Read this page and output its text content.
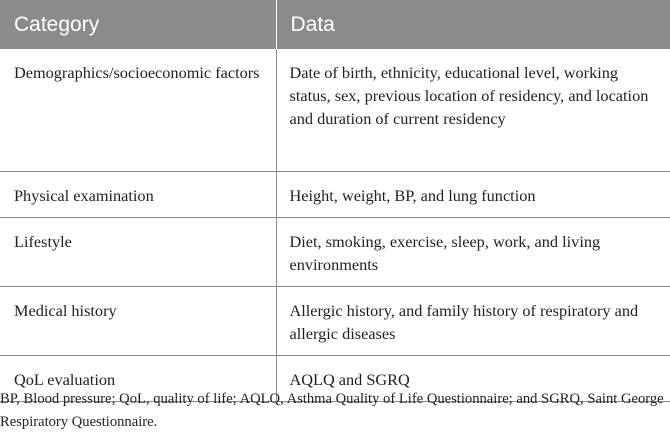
Category	Data
Demographics/socioeconomic factors	Date of birth, ethnicity, educational level, working status, sex, previous location of residency, and location and duration of current residency
Physical examination	Height, weight, BP, and lung function
Lifestyle	Diet, smoking, exercise, sleep, work, and living environments
Medical history	Allergic history, and family history of respiratory and allergic diseases
QoL evaluation	AQLQ and SGRQ
BP, Blood pressure; QoL, quality of life; AQLQ, Asthma Quality of Life Questionnaire; and SGRQ, Saint George Respiratory Questionnaire.
